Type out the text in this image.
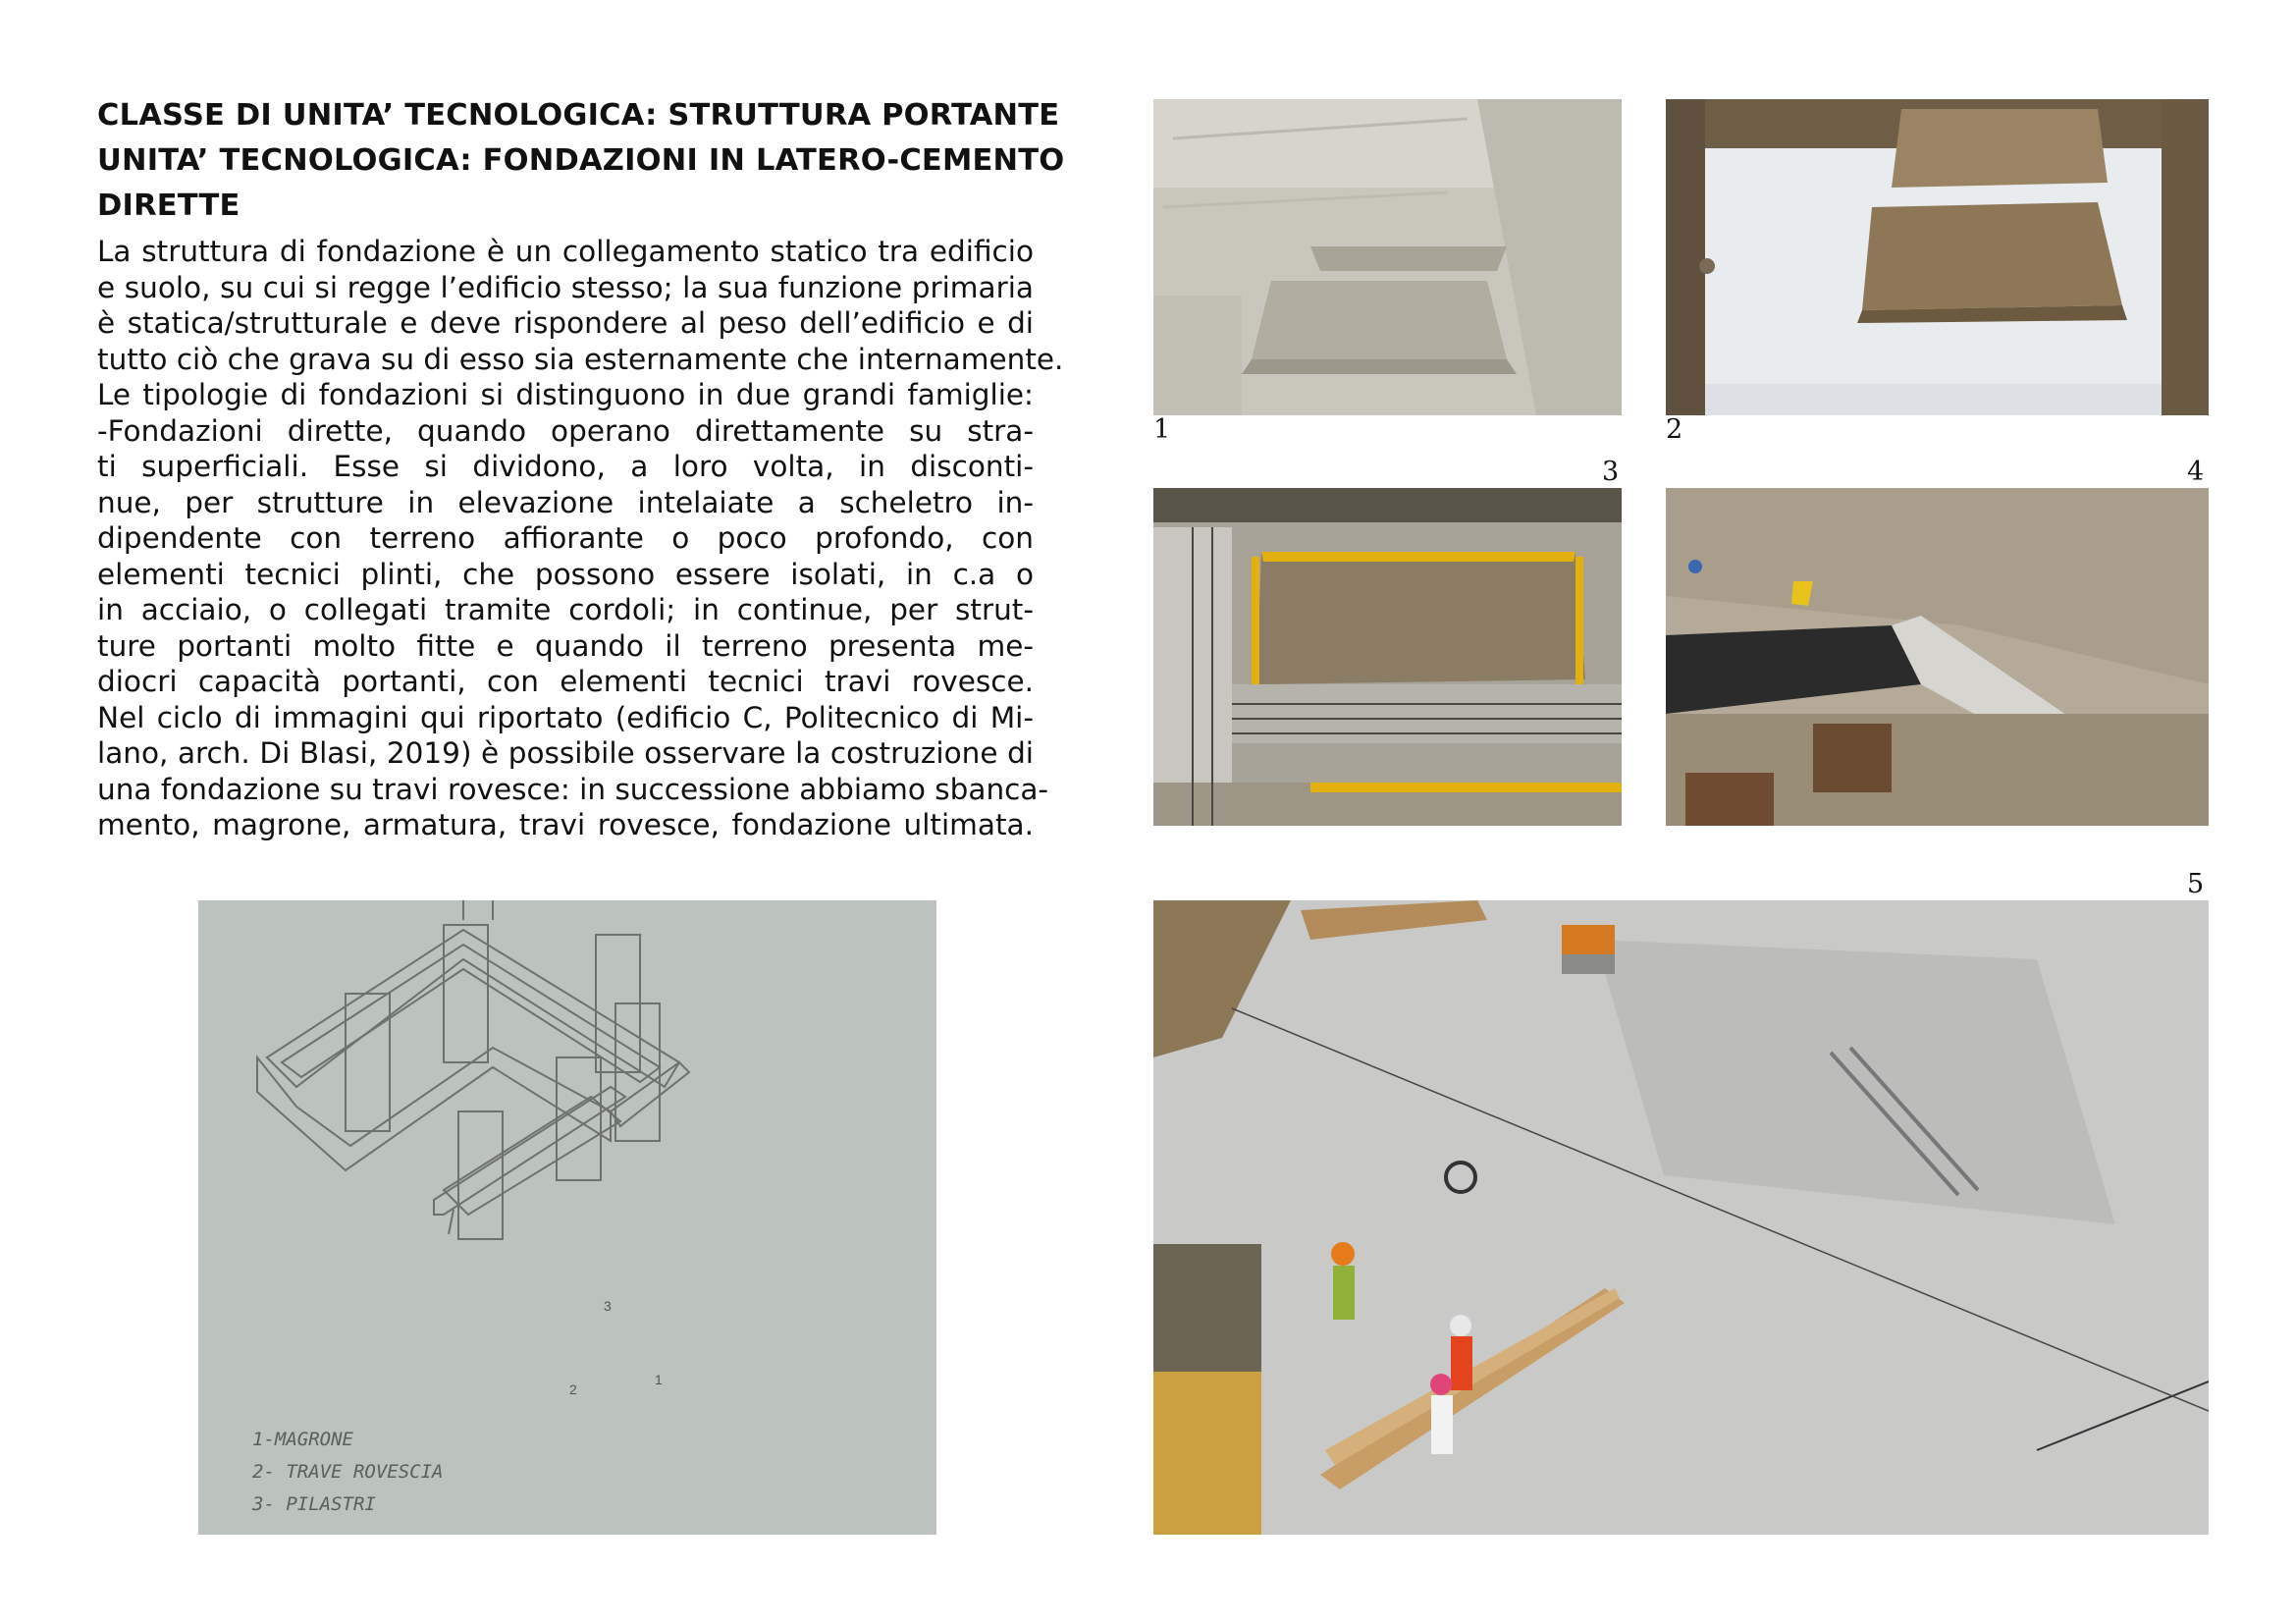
CLASSE DI UNITA’ TECNOLOGICA: STRUTTURA PORTANTE
UNITA’ TECNOLOGICA: FONDAZIONI IN LATERO-CEMENTO
DIRETTE
La struttura di fondazione è un collegamento statico tra edificio
e suolo, su cui si regge l’edificio stesso; la sua funzione primaria
è statica/strutturale e deve rispondere al peso dell’edificio e di
tutto ciò che grava su di esso sia esternamente che internamente.
Le tipologie di fondazioni si distinguono in due grandi famiglie:
-Fondazioni dirette, quando operano direttamente su stra-
ti superficiali. Esse si dividono, a loro volta, in disconti-
nue, per strutture in elevazione intelaiate a scheletro in-
dipendente con terreno affiorante o poco profondo, con
elementi tecnici plinti, che possono essere isolati, in c.a o
in acciaio, o collegati tramite cordoli; in continue, per strut-
ture portanti molto fitte e quando il terreno presenta me-
diocri capacità portanti, con elementi tecnici travi rovesce.
Nel ciclo di immagini qui riportato (edificio C, Politecnico di Mi-
lano, arch. Di Blasi, 2019) è possibile osservare la costruzione di
una fondazione su travi rovesce: in successione abbiamo sbanca-
mento, magrone, armatura, travi rovesce, fondazione ultimata.
1	2
3	4
5
1
2
3
1-MAGRONE
2- TRAVE ROVESCIA
3- PILASTRI
